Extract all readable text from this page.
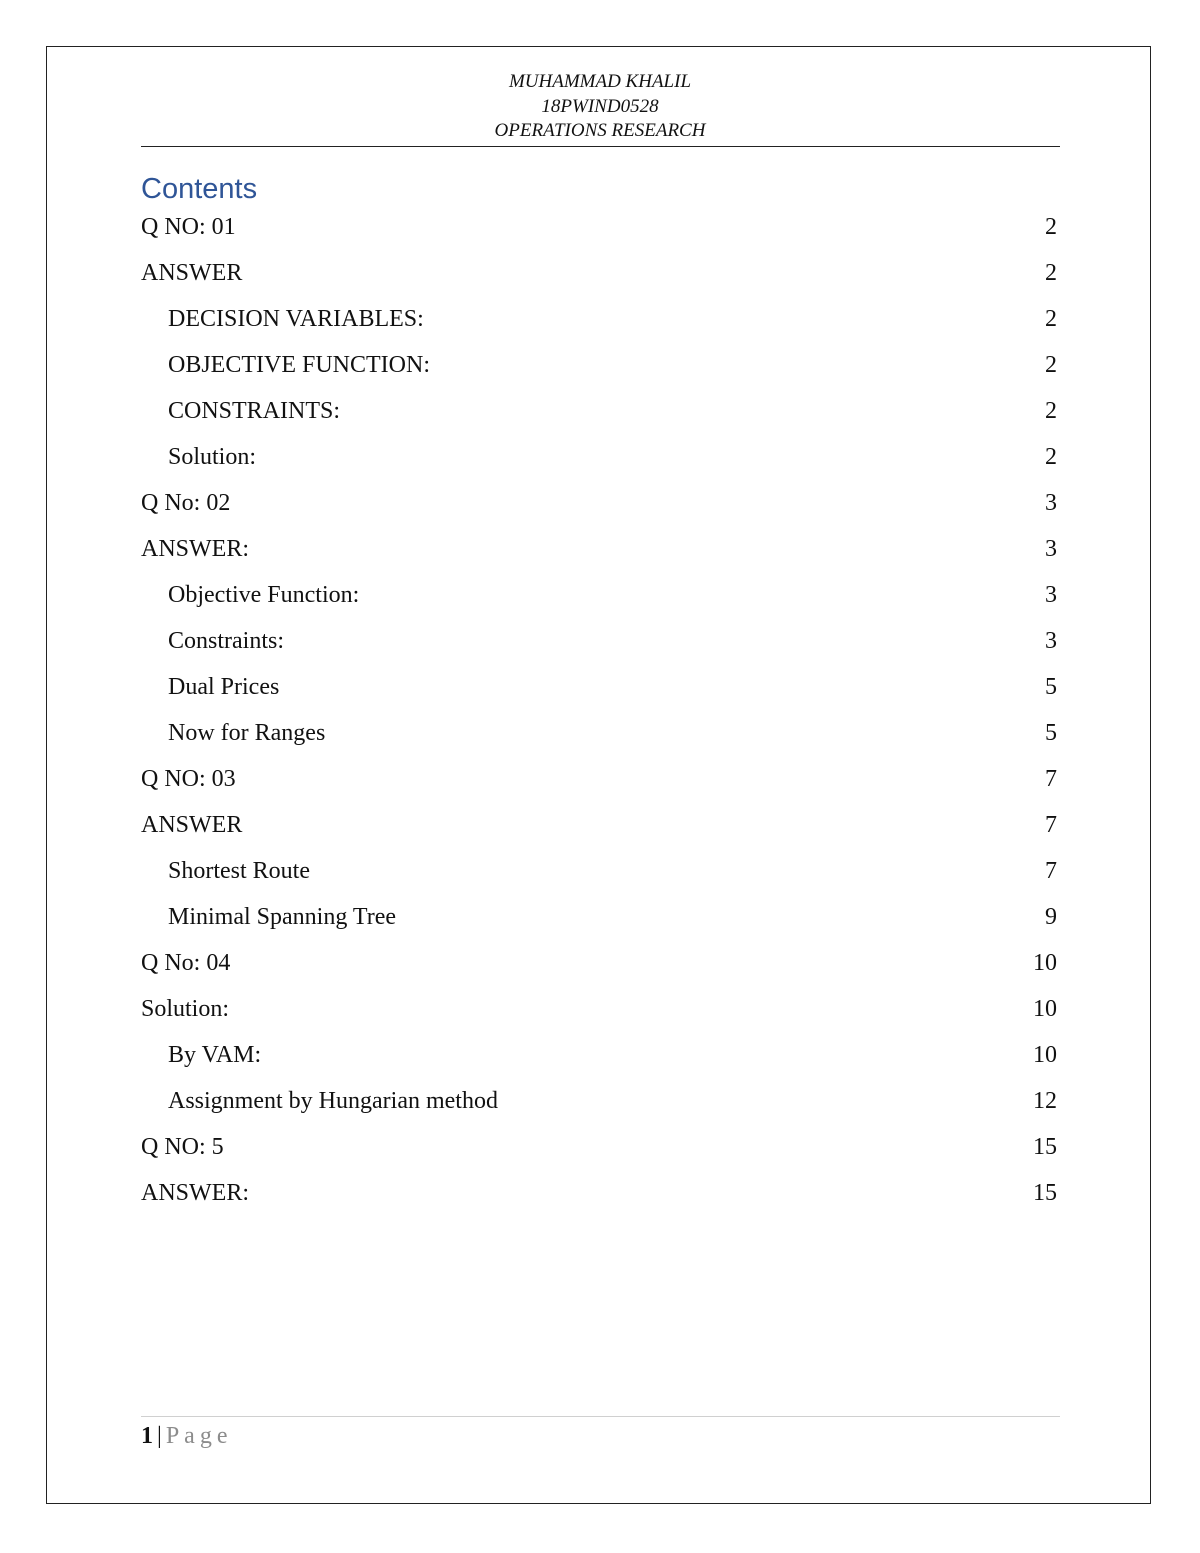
MUHAMMAD KHALIL
18PWIND0528
OPERATIONS RESEARCH
Contents
Q NO: 01	2
ANSWER	2
DECISION VARIABLES:	2
OBJECTIVE FUNCTION:	2
CONSTRAINTS:	2
Solution:	2
Q No: 02	3
ANSWER:	3
Objective Function:	3
Constraints:	3
Dual Prices	5
Now for Ranges	5
Q NO: 03	7
ANSWER	7
Shortest Route	7
Minimal Spanning Tree	9
Q No: 04	10
Solution:	10
By VAM:	10
Assignment by Hungarian method	12
Q NO: 5	15
ANSWER:	15
1 | Page
